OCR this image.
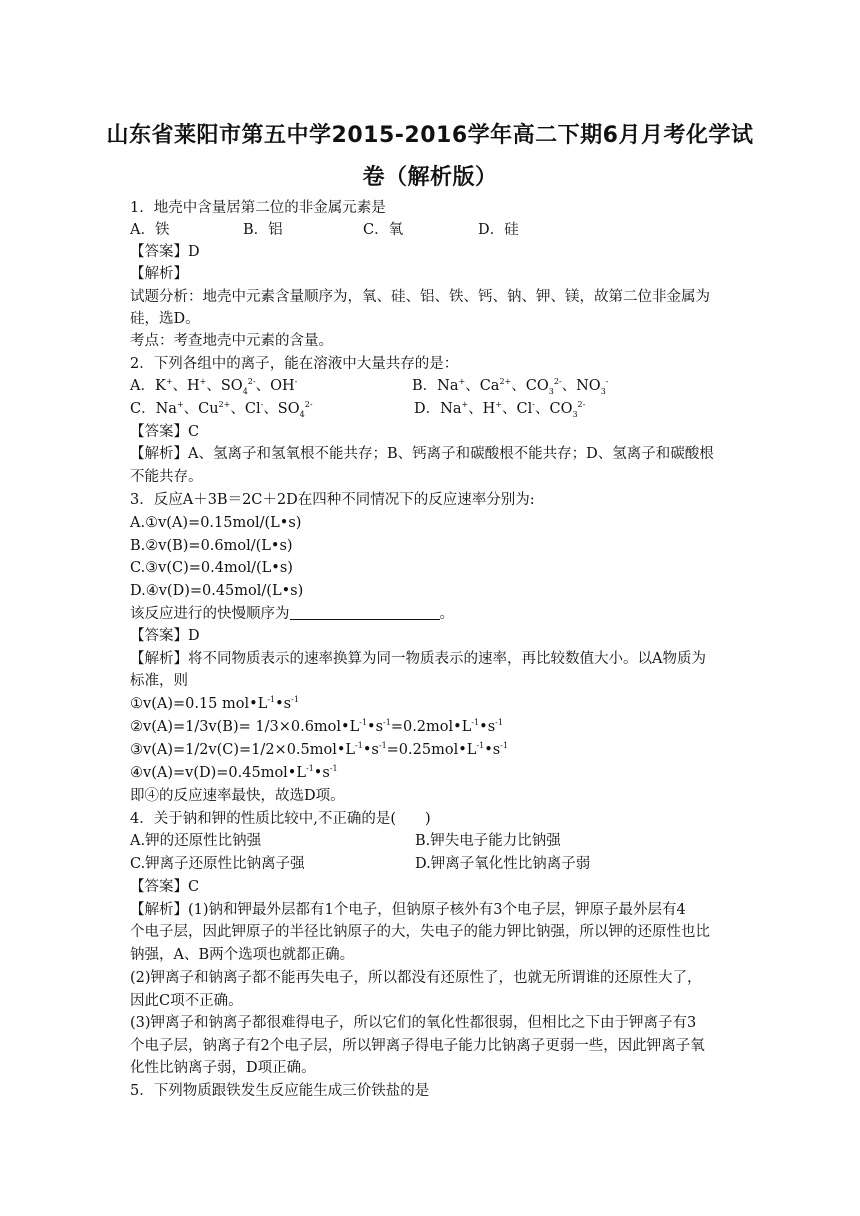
山东省莱阳市第五中学2015-2016学年高二下期6月月考化学试
卷（解析版）
1．地壳中含量居第二位的非金属元素是
A．铁	B．铝	C．氧	D．硅
【答案】D
【解析】
试题分析：地壳中元素含量顺序为，氧、硅、铝、铁、钙、钠、钾、镁，故第二位非金属为
硅，选D。
考点：考查地壳中元素的含量。
2．下列各组中的离子，能在溶液中大量共存的是：
A．K+、H+、$SO_4^{2-}$、OH-	B．Na+、$Ca^{2+}$、$CO_3^{2-}$、$NO_3^-$
C．Na+、$Cu^{2+}$、Cl-、$SO_4^{2-}$	D．Na+、H+、Cl-、$CO_3^{2-}$
【答案】C
【解析】A、氢离子和氢氧根不能共存；B、钙离子和碳酸根不能共存；D、氢离子和碳酸根
不能共存。
3．反应A＋3B＝2C＋2D在四种不同情况下的反应速率分别为:
A.①v(A)=0.15mol/(L•s)
B.②v(B)=0.6mol/(L•s)
C.③v(C)=0.4mol/(L•s)
D.④v(D)=0.45mol/(L•s)
该反应进行的快慢顺序为	。
【答案】D
【解析】将不同物质表示的速率换算为同一物质表示的速率，再比较数值大小。以A物质为
标准，则
①v(A)=0.15 $mol•L^{-1}•s^{-1}$
②v(A)=1/3v(B)= $1/3\times 0.6mol•L^{-1}•s^{-1}=0.2mol•L^{-1}•s^{-1}$
$③v(A)=1/2v(C)=1/2\times 0.5mol•L^{-1}•s^{-1}=0.25mol•L^{-1}•s^{-1}$
$④v(A)=v(D)=0.45mol•L^{-1}•s^{-1}$
即④的反应速率最快，故选D项。
4．关于钠和钾的性质比较中,不正确的是(　　)
A.钾的还原性比钠强	B.钾失电子能力比钠强
C.钾离子还原性比钠离子强	D.钾离子氧化性比钠离子弱
【答案】C
【解析】(1)钠和钾最外层都有1个电子，但钠原子核外有3个电子层，钾原子最外层有4
个电子层，因此钾原子的半径比钠原子的大，失电子的能力钾比钠强，所以钾的还原性也比
钠强，A、B两个选项也就都正确。
(2)钾离子和钠离子都不能再失电子，所以都没有还原性了，也就无所谓谁的还原性大了，
因此C项不正确。
(3)钾离子和钠离子都很难得电子，所以它们的氧化性都很弱，但相比之下由于钾离子有3
个电子层，钠离子有2个电子层，所以钾离子得电子能力比钠离子更弱一些，因此钾离子氧
化性比钠离子弱，D项正确。
5．下列物质跟铁发生反应能生成三价铁盐的是
